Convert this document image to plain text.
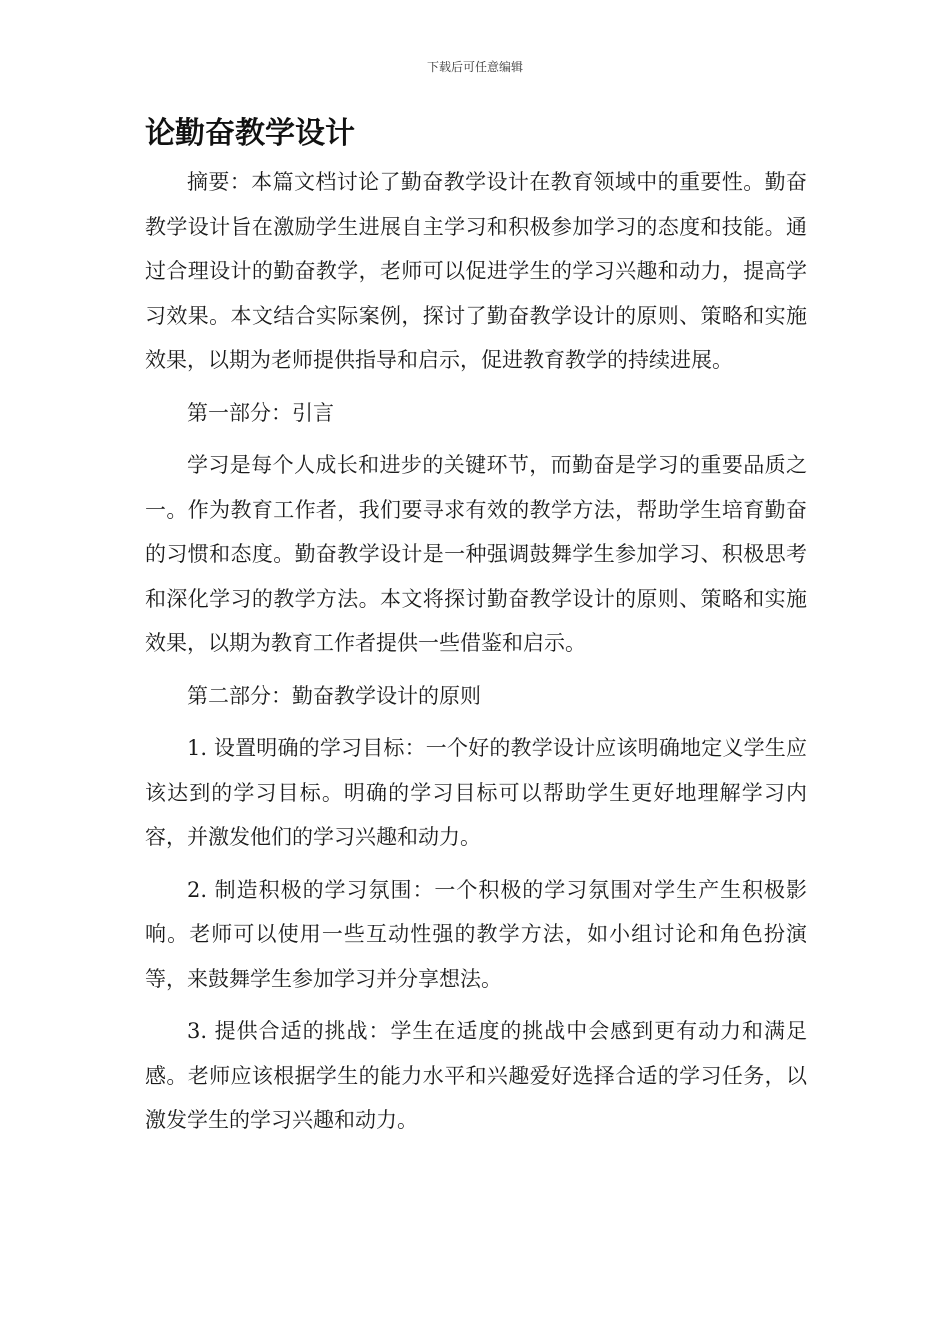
下载后可任意编辑
论勤奋教学设计

摘要：本篇文档讨论了勤奋教学设计在教育领域中的重要性。勤奋教学设计旨在激励学生进展自主学习和积极参加学习的态度和技能。通过合理设计的勤奋教学，老师可以促进学生的学习兴趣和动力，提高学习效果。本文结合实际案例，探讨了勤奋教学设计的原则、策略和实施效果，以期为老师提供指导和启示，促进教育教学的持续进展。

第一部分：引言

学习是每个人成长和进步的关键环节，而勤奋是学习的重要品质之一。作为教育工作者，我们要寻求有效的教学方法，帮助学生培育勤奋的习惯和态度。勤奋教学设计是一种强调鼓舞学生参加学习、积极思考和深化学习的教学方法。本文将探讨勤奋教学设计的原则、策略和实施效果，以期为教育工作者提供一些借鉴和启示。

第二部分：勤奋教学设计的原则

1. 设置明确的学习目标：一个好的教学设计应该明确地定义学生应该达到的学习目标。明确的学习目标可以帮助学生更好地理解学习内容，并激发他们的学习兴趣和动力。

2. 制造积极的学习氛围：一个积极的学习氛围对学生产生积极影响。老师可以使用一些互动性强的教学方法，如小组讨论和角色扮演等，来鼓舞学生参加学习并分享想法。

3. 提供合适的挑战：学生在适度的挑战中会感到更有动力和满足感。老师应该根据学生的能力水平和兴趣爱好选择合适的学习任务，以激发学生的学习兴趣和动力。
